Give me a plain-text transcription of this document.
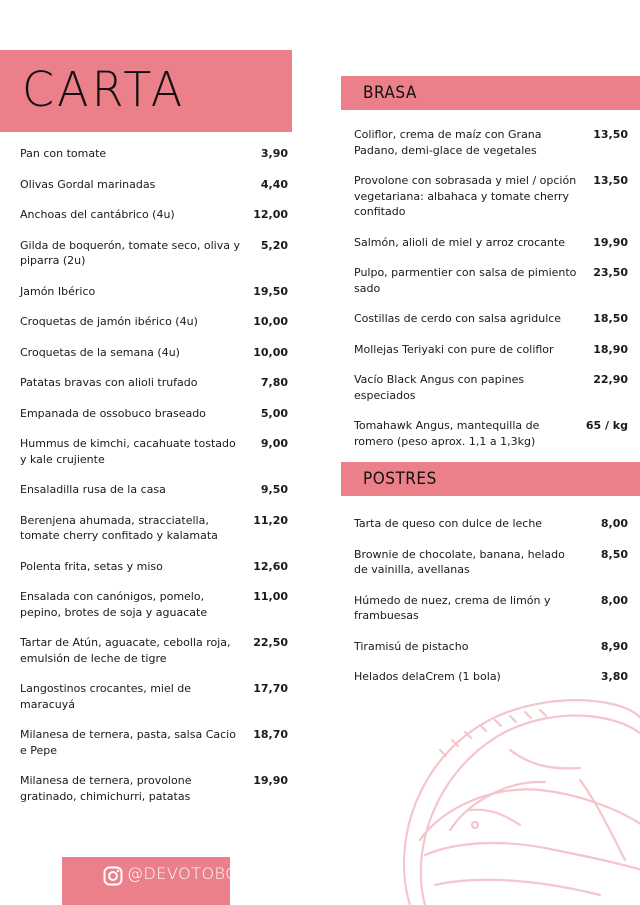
CARTA
Pan con tomate	3,90
Olivas Gordal marinadas	4,40
Anchoas del cantábrico (4u)	12,00
Gilda de boquerón, tomate seco, oliva y piparra (2u)
5,20
Jamón Ibérico	19,50
Croquetas de jamón ibérico (4u)	10,00
Croquetas de la semana (4u)	10,00
Patatas bravas con alioli trufado	7,80
Empanada de ossobuco braseado	5,00
Hummus de kimchi, cacahuate tostado y kale crujiente
9,00
Ensaladilla rusa de la casa	9,50
Berenjena ahumada, stracciatella, tomate cherry confitado y kalamata
11,20
Polenta frita, setas y miso	12,60
Ensalada con canónigos, pomelo, pepino, brotes de soja y aguacate
11,00
Tartar de Atún, aguacate, cebolla roja, emulsión de leche de tigre
22,50
Langostinos crocantes, miel de maracuyá
17,70
Milanesa de ternera, pasta, salsa Cacio e Pepe
18,70
Milanesa de ternera, provolone gratinado, chimichurri, patatas
19,90
BRASA
Coliflor, crema de maíz con Grana Padano, demi-glace de vegetales
13,50
Provolone con sobrasada y miel / opción vegetariana: albahaca y tomate cherry confitado
13,50
Salmón, alioli de miel y arroz crocante	19,90
Pulpo, parmentier con salsa de pimiento sado
23,50
Costillas de cerdo con salsa agridulce	18,50
Mollejas Teriyaki con pure de coliflor	18,90
Vacío Black Angus con papines especiados
22,90
Tomahawk Angus, mantequilla de romero (peso aprox. 1,1 a 1,3kg)
65 / kg
POSTRES
Tarta de queso con dulce de leche	8,00
Brownie de chocolate, banana, helado de vainilla, avellanas
8,50
Húmedo de nuez, crema de limón y frambuesas
8,00
Tiramisú de pistacho	8,90
Helados delaCrem (1 bola)	3,80
@DEVOTOBCN
